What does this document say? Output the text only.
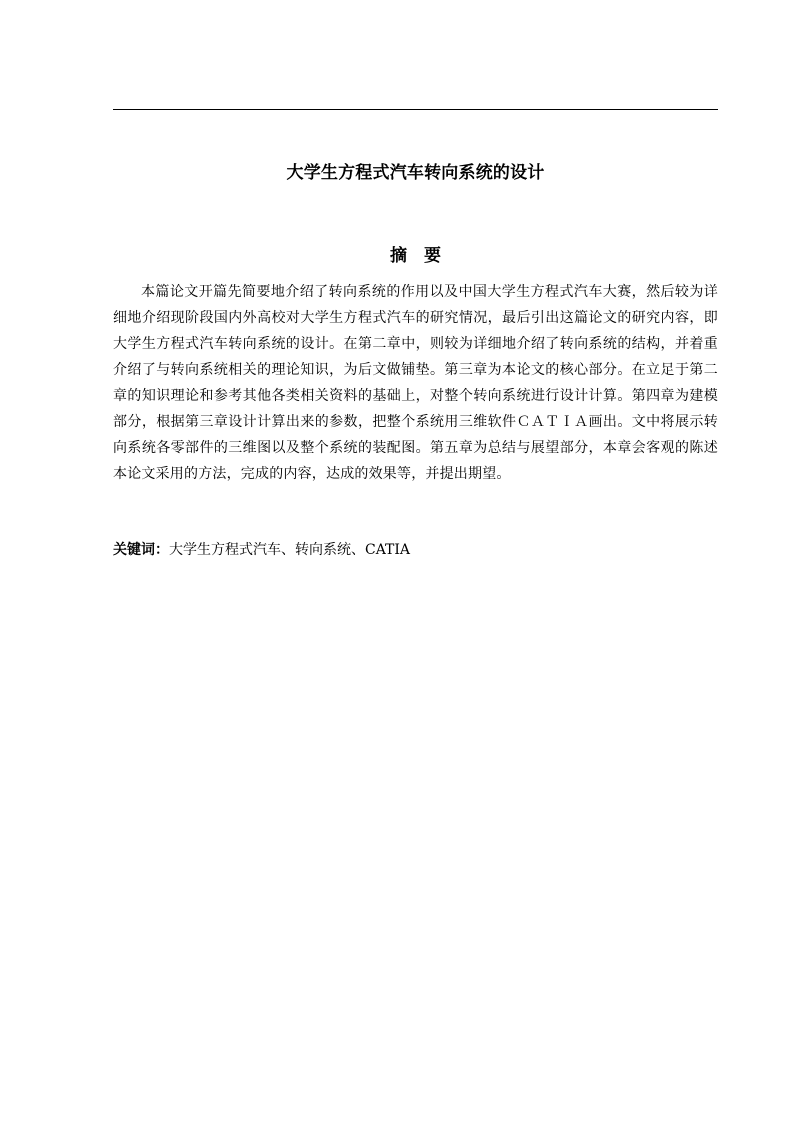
大学生方程式汽车转向系统的设计
摘 要

本篇论文开篇先简要地介绍了转向系统的作用以及中国大学生方程式汽车大赛，然后较为详细地介绍现阶段国内外高校对大学生方程式汽车的研究情况，最后引出这篇论文的研究内容，即大学生方程式汽车转向系统的设计。在第二章中，则较为详细地介绍了转向系统的结构，并着重介绍了与转向系统相关的理论知识，为后文做铺垫。第三章为本论文的核心部分。在立足于第二章的知识理论和参考其他各类相关资料的基础上，对整个转向系统进行设计计算。第四章为建模部分，根据第三章设计计算出来的参数，把整个系统用三维软件ＣＡＴＩＡ画出。文中将展示转向系统各零部件的三维图以及整个系统的装配图。第五章为总结与展望部分，本章会客观的陈述本论文采用的方法，完成的内容，达成的效果等，并提出期望。

关键词：大学生方程式汽车、转向系统、CATIA
